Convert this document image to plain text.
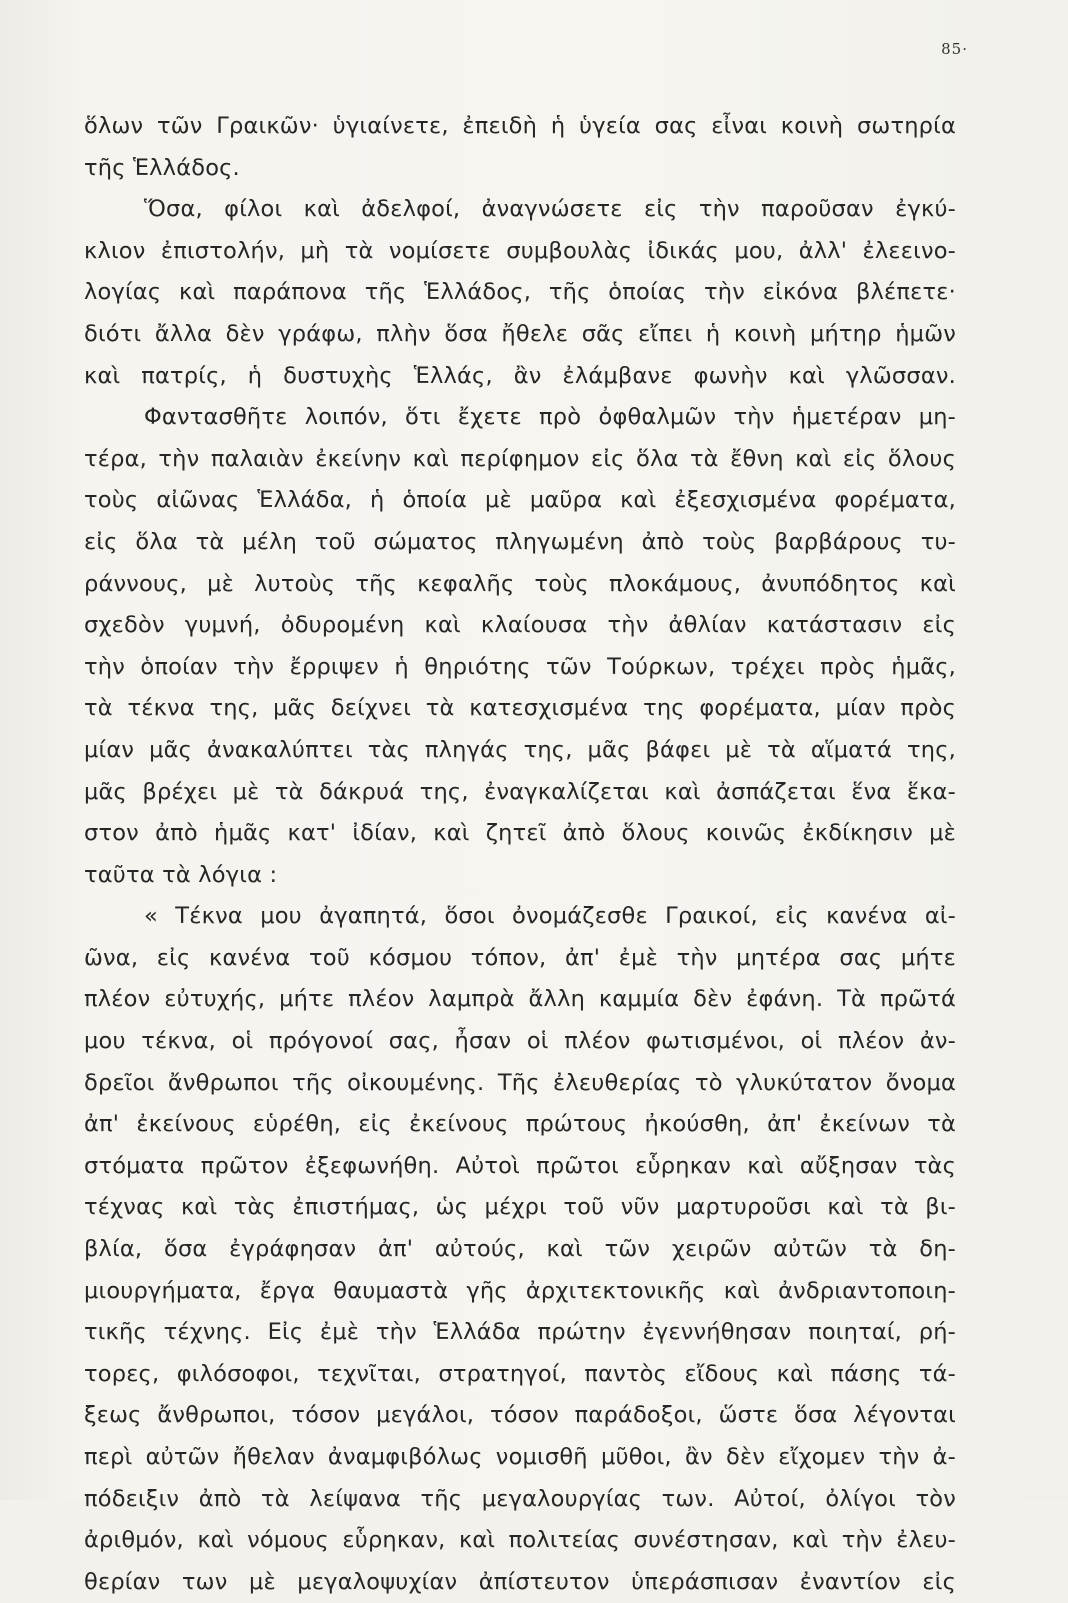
85·
ὅλων τῶν Γραικῶν· ὑγιαίνετε, ἐπειδὴ ἡ ὑγεία σας εἶναι κοινὴ σωτηρία
τῆς Ἑλλάδος.
Ὅσα, φίλοι καὶ ἀδελφοί, ἀναγνώσετε εἰς τὴν παροῦσαν ἐγκύ-
κλιον ἐπιστολήν, μὴ τὰ νομίσετε συμβουλὰς ἰδικάς μου, ἀλλ' ἐλεεινο-
λογίας καὶ παράπονα τῆς Ἑλλάδος, τῆς ὁποίας τὴν εἰκόνα βλέπετε·
διότι ἄλλα δὲν γράφω, πλὴν ὅσα ἤθελε σᾶς εἴπει ἡ κοινὴ μήτηρ ἡμῶν
καὶ πατρίς, ἡ δυστυχὴς Ἑλλάς, ἂν ἐλάμβανε φωνὴν καὶ γλῶσσαν.
Φαντασθῆτε λοιπόν, ὅτι ἔχετε πρὸ ὀφθαλμῶν τὴν ἡμετέραν μη-
τέρα, τὴν παλαιὰν ἐκείνην καὶ περίφημον εἰς ὅλα τὰ ἔθνη καὶ εἰς ὅλους
τοὺς αἰῶνας Ἑλλάδα, ἡ ὁποία μὲ μαῦρα καὶ ἐξεσχισμένα φορέματα,
εἰς ὅλα τὰ μέλη τοῦ σώματος πληγωμένη ἀπὸ τοὺς βαρβάρους τυ-
ράννους, μὲ λυτοὺς τῆς κεφαλῆς τοὺς πλοκάμους, ἀνυπόδητος καὶ
σχεδὸν γυμνή, ὀδυρομένη καὶ κλαίουσα τὴν ἀθλίαν κατάστασιν εἰς
τὴν ὁποίαν τὴν ἔρριψεν ἡ θηριότης τῶν Τούρκων, τρέχει πρὸς ἡμᾶς,
τὰ τέκνα της, μᾶς δείχνει τὰ κατεσχισμένα της φορέματα, μίαν πρὸς
μίαν μᾶς ἀνακαλύπτει τὰς πληγάς της, μᾶς βάφει μὲ τὰ αἵματά της,
μᾶς βρέχει μὲ τὰ δάκρυά της, ἐναγκαλίζεται καὶ ἀσπάζεται ἕνα ἕκα-
στον ἀπὸ ἡμᾶς κατ' ἰδίαν, καὶ ζητεῖ ἀπὸ ὅλους κοινῶς ἐκδίκησιν μὲ
ταῦτα τὰ λόγια :
« Τέκνα μου ἀγαπητά, ὅσοι ὀνομάζεσθε Γραικοί, εἰς κανένα αἰ-
ῶνα, εἰς κανένα τοῦ κόσμου τόπον, ἀπ' ἐμὲ τὴν μητέρα σας μήτε
πλέον εὐτυχής, μήτε πλέον λαμπρὰ ἄλλη καμμία δὲν ἐφάνη. Τὰ πρῶτά
μου τέκνα, οἱ πρόγονοί σας, ἦσαν οἱ πλέον φωτισμένοι, οἱ πλέον ἀν-
δρεῖοι ἄνθρωποι τῆς οἰκουμένης. Τῆς ἐλευθερίας τὸ γλυκύτατον ὄνομα
ἀπ' ἐκείνους εὑρέθη, εἰς ἐκείνους πρώτους ἠκούσθη, ἀπ' ἐκείνων τὰ
στόματα πρῶτον ἐξεφωνήθη. Αὐτοὶ πρῶτοι εὗρηκαν καὶ αὔξησαν τὰς
τέχνας καὶ τὰς ἐπιστήμας, ὡς μέχρι τοῦ νῦν μαρτυροῦσι καὶ τὰ βι-
βλία, ὅσα ἐγράφησαν ἀπ' αὐτούς, καὶ τῶν χειρῶν αὐτῶν τὰ δη-
μιουργήματα, ἔργα θαυμαστὰ γῆς ἀρχιτεκτονικῆς καὶ ἀνδριαντοποιη-
τικῆς τέχνης. Εἰς ἐμὲ τὴν Ἑλλάδα πρώτην ἐγεννήθησαν ποιηταί, ρή-
τορες, φιλόσοφοι, τεχνῖται, στρατηγοί, παντὸς εἴδους καὶ πάσης τά-
ξεως ἄνθρωποι, τόσον μεγάλοι, τόσον παράδοξοι, ὥστε ὅσα λέγονται
περὶ αὐτῶν ἤθελαν ἀναμφιβόλως νομισθῆ μῦθοι, ἂν δὲν εἴχομεν τὴν ἀ-
πόδειξιν ἀπὸ τὰ λείψανα τῆς μεγαλουργίας των. Αὐτοί, ὀλίγοι τὸν
ἀριθμόν, καὶ νόμους εὗρηκαν, καὶ πολιτείας συνέστησαν, καὶ τὴν ἐλευ-
θερίαν των μὲ μεγαλοψυχίαν ἀπίστευτον ὑπεράσπισαν ἐναντίον εἰς
